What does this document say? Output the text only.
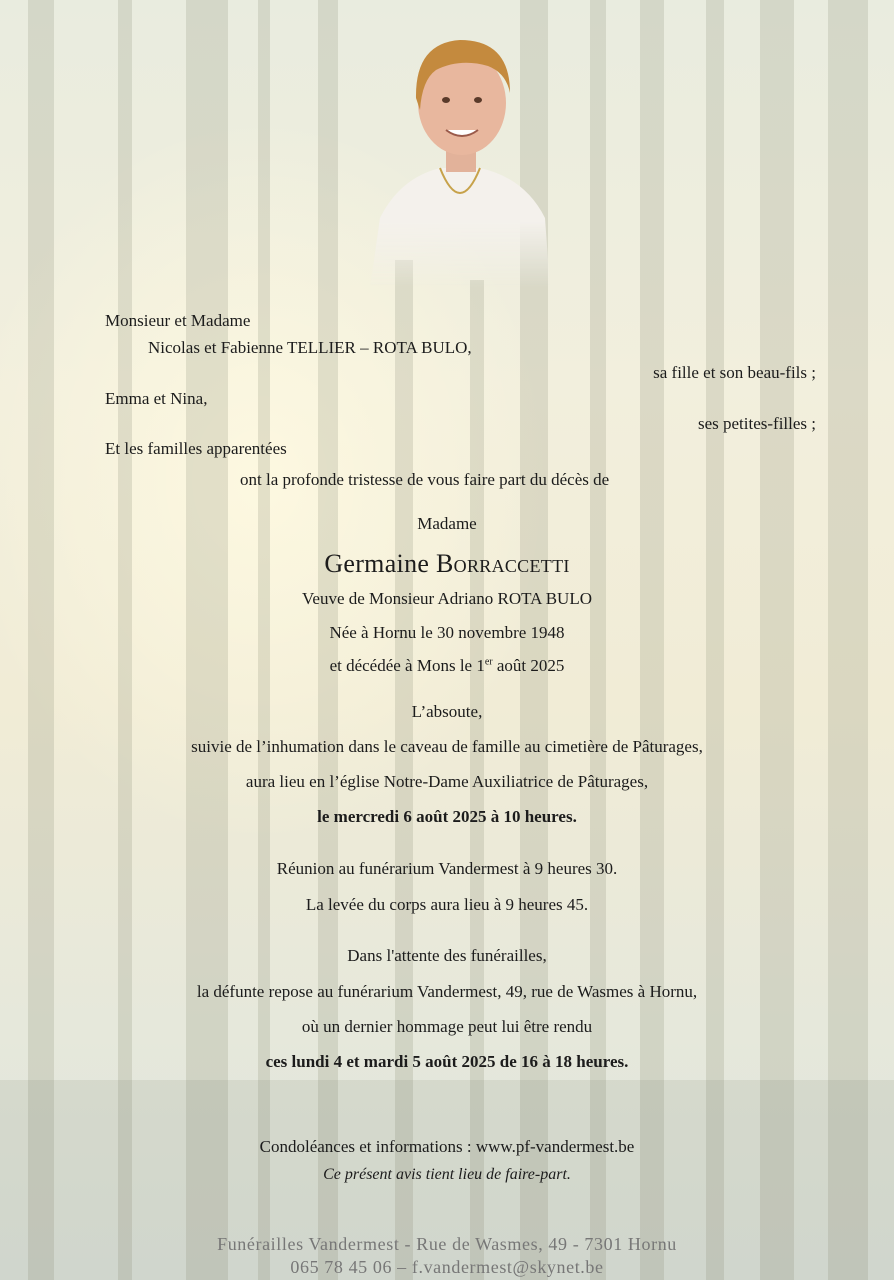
Monsieur et Madame
Nicolas et Fabienne TELLIER – ROTA BULO,
sa fille et son beau-fils ;
Emma et Nina,
ses petites-filles ;
Et les familles apparentées
ont la profonde tristesse de vous faire part du décès de
Madame
Germaine Borraccetti
Veuve de Monsieur Adriano ROTA BULO
Née à Hornu le 30 novembre 1948
et décédée à Mons le 1er août 2025
L’absoute,
suivie de l’inhumation dans le caveau de famille au cimetière de Pâturages,
aura lieu en l’église Notre-Dame Auxiliatrice de Pâturages,
le mercredi 6 août 2025 à 10 heures.
Réunion au funérarium Vandermest à 9 heures 30.
La levée du corps aura lieu à 9 heures 45.
Dans l'attente des funérailles,
la défunte repose au funérarium Vandermest, 49, rue de Wasmes à Hornu,
où un dernier hommage peut lui être rendu
ces lundi 4 et mardi 5 août 2025 de 16 à 18 heures.
Condoléances et informations : www.pf-vandermest.be
Ce présent avis tient lieu de faire-part.
Funérailles Vandermest - Rue de Wasmes, 49 - 7301 Hornu
065 78 45 06 – f.vandermest@skynet.be
